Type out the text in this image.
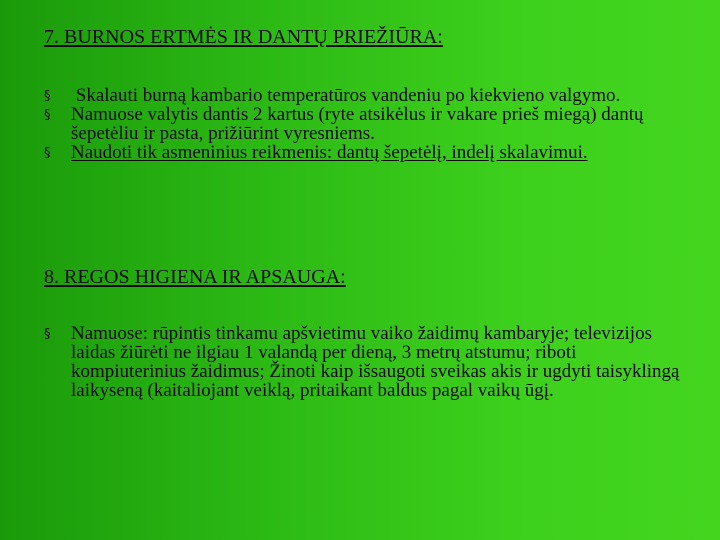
7. BURNOS ERTMĖS IR DANTŲ PRIEŽIŪRA:
§ Skalauti burną kambario temperatūros vandeniu po kiekvieno valgymo.
§ Namuose valytis dantis 2 kartus (ryte atsikėlus ir vakare prieš miegą) dantų šepetėliu ir pasta, prižiūrint vyresniems.
§ Naudoti tik asmeninius reikmenis: dantų šepetėlį, indelį skalavimui.
8. REGOS HIGIENA IR APSAUGA:
§ Namuose: rūpintis tinkamu apšvietimu vaiko žaidimų kambaryje; televizijos laidas žiūrėti ne ilgiau 1 valandą per dieną, 3 metrų atstumu; riboti kompiuterinius žaidimus; Žinoti kaip išsaugoti sveikas akis ir ugdyti taisyklingą laikyseną (kaitaliojant veiklą, pritaikant baldus pagal vaikų ūgį.
